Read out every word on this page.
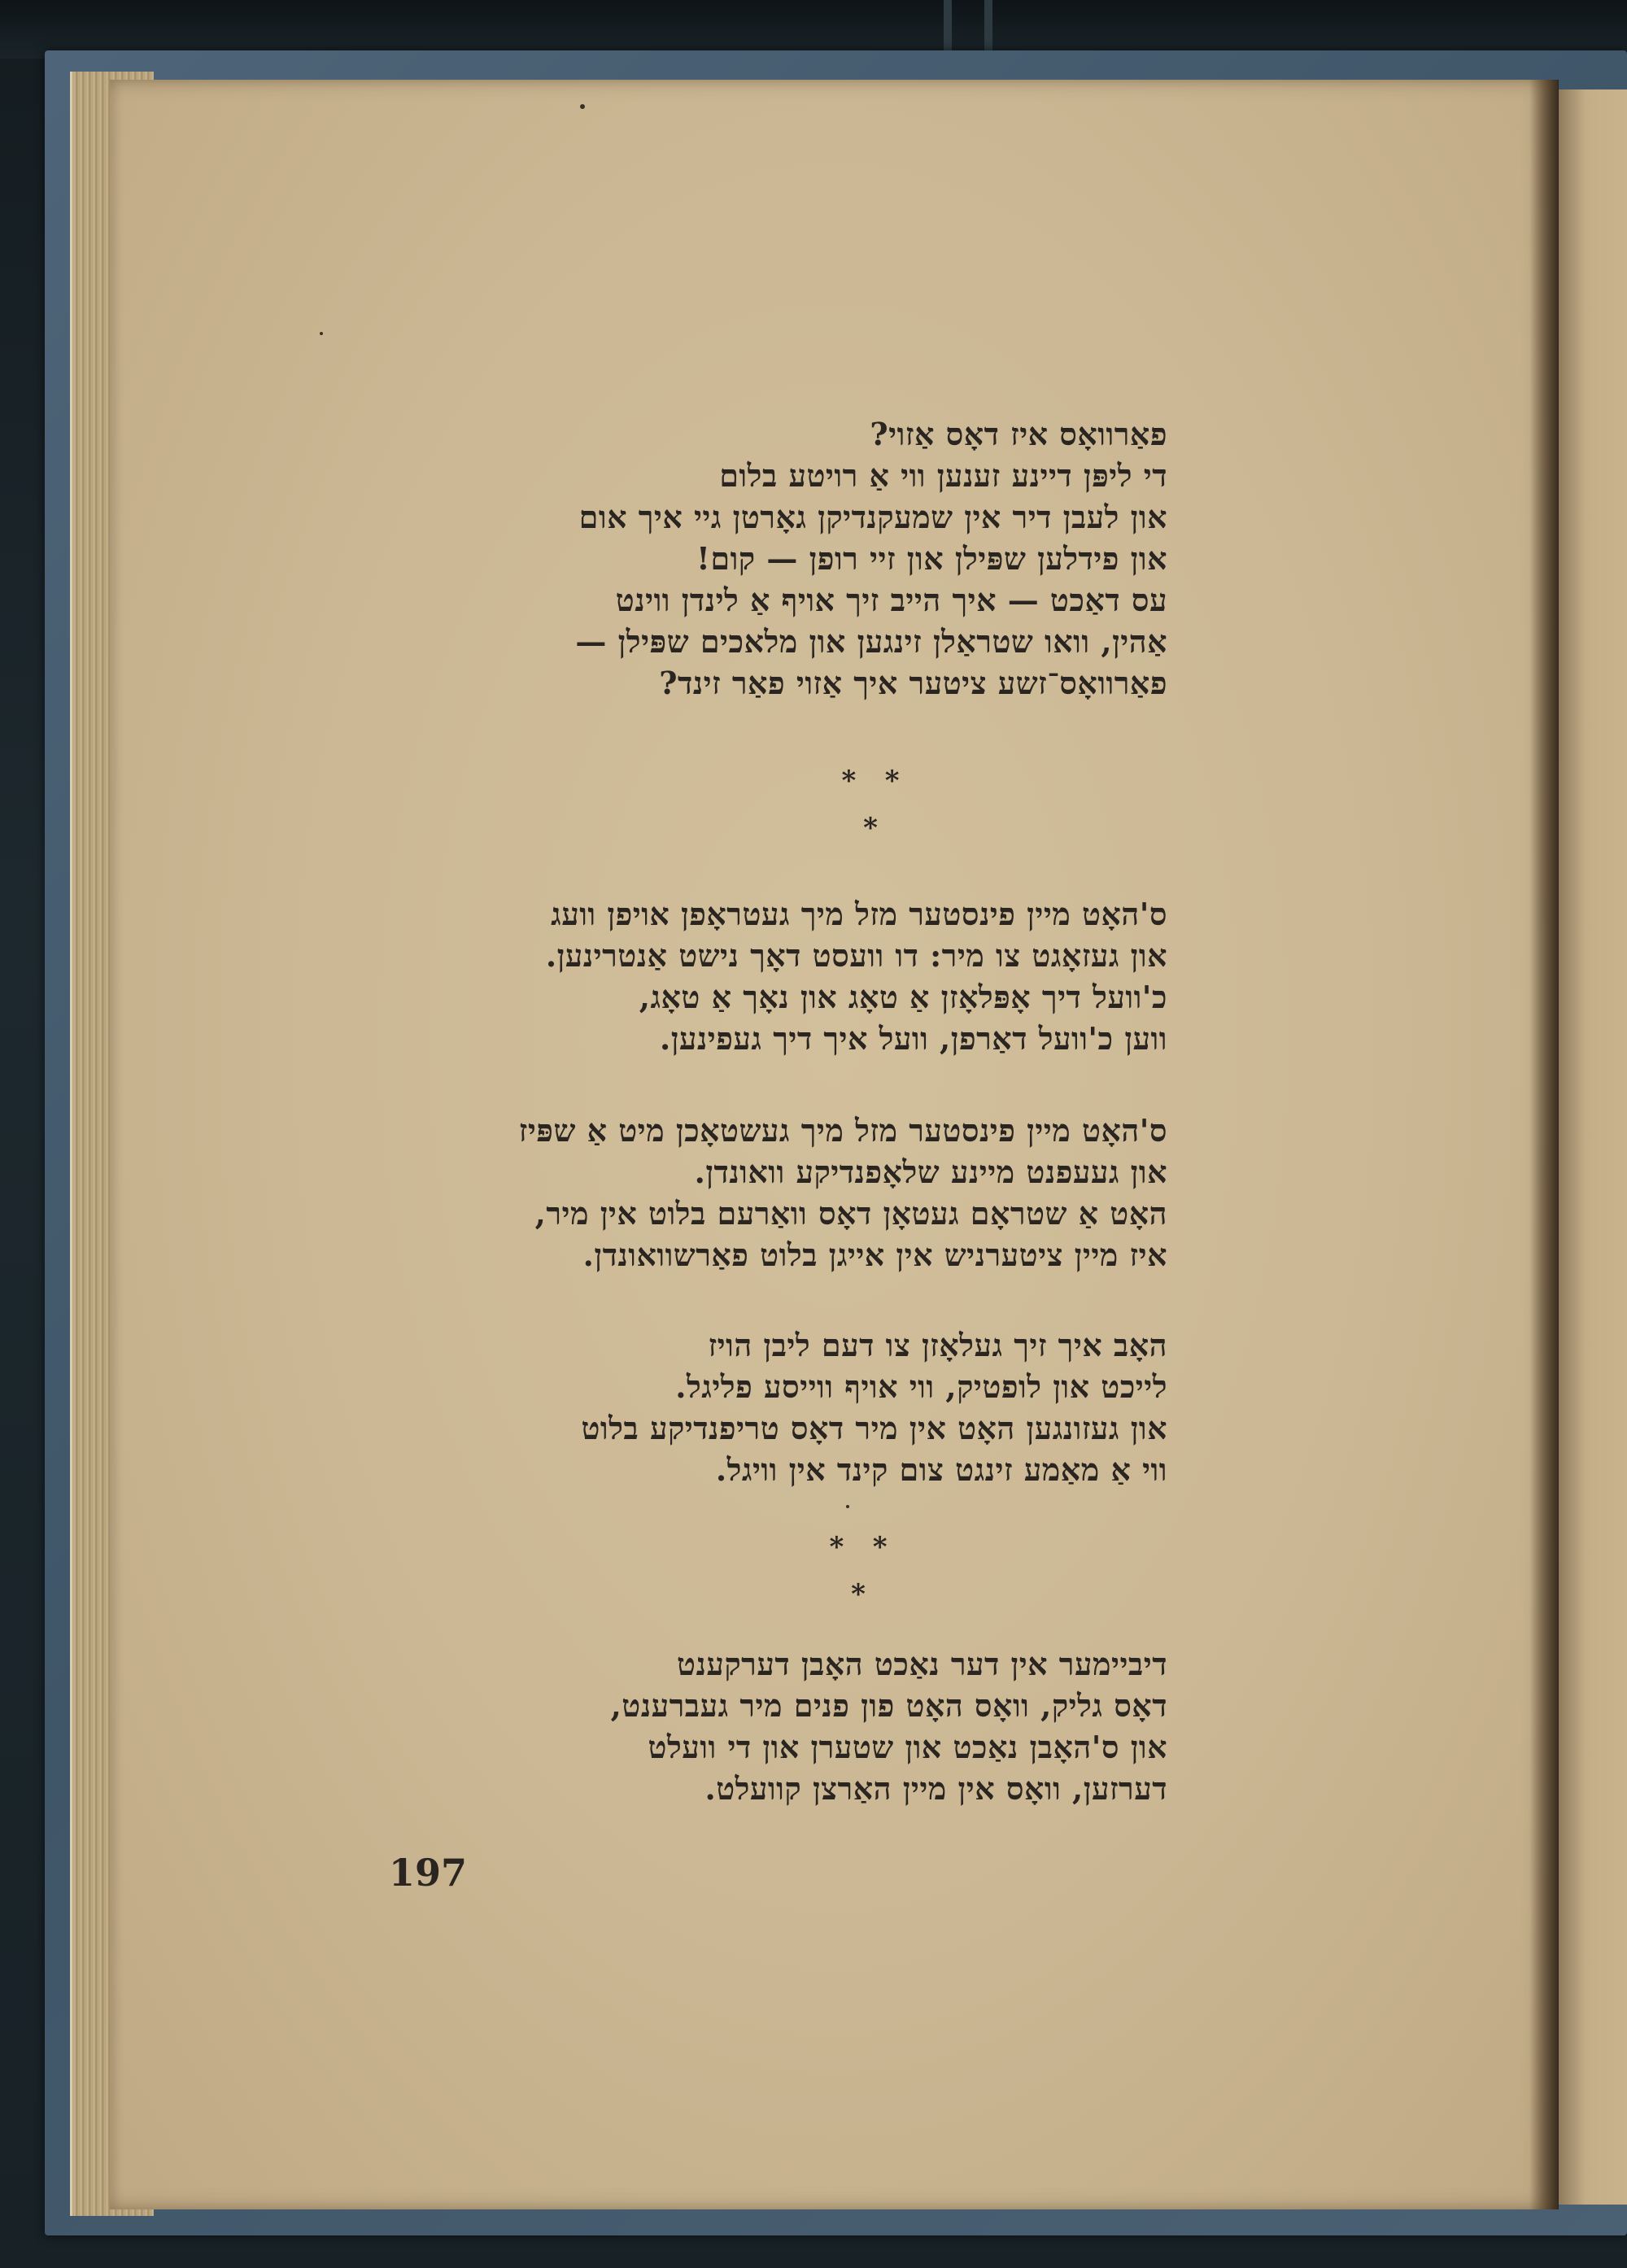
פאַרוואָס איז דאָס אַזוי?
די ליפּן דיינע זענען ווי אַ רויטע בלום
און לעבן דיר אין שמעקנדיקן גאָרטן גיי איך אום
און פידלען שפּילן און זיי רופן — קום!
עס דאַכט — איך הייב זיך אויף אַ לינדן ווינט
אַהין, וואו שטראַלן זינגען און מלאכים שפּילן —
פאַרוואָס־זשע ציטער איך אַזוי פאַר זינד?
*   *
*
ס'האָט מיין פינסטער מזל מיך געטראָפן אויפן וועג
און געזאָגט צו מיר: דו וועסט דאָך נישט אַנטרינען.
כ'וועל דיך אָפּלאָזן אַ טאָג און נאָך אַ טאָג,
ווען כ'וועל דאַרפן, וועל איך דיך געפינען.
ס'האָט מיין פינסטער מזל מיך געשטאָכן מיט אַ שפּיז
און געעפנט מיינע שלאָפנדיקע וואונדן.
האָט אַ שטראָם געטאָן דאָס וואַרעם בלוט אין מיר,
איז מיין ציטערניש אין אייגן בלוט פאַרשוואונדן.
האָב איך זיך געלאָזן צו דעם ליבן הויז
לייכט און לופטיק, ווי אויף ווייסע פליגל.
און געזונגען האָט אין מיר דאָס טריפנדיקע בלוט
ווי אַ מאַמע זינגט צום קינד אין וויגל.
*   *
*
דיביימער אין דער נאַכט האָבן דערקענט
דאָס גליק, וואָס האָט פון פנים מיר געברענט,
און ס'האָבן נאַכט און שטערן און די וועלט
דערזען, וואָס אין מיין האַרצן קוועלט.
197
